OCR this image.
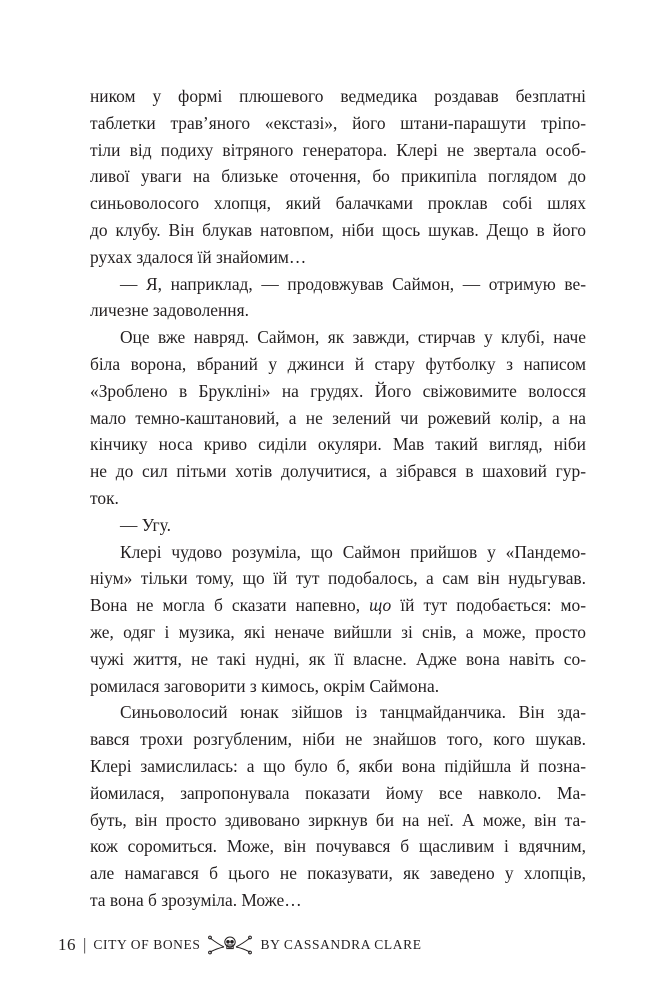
ником у формі плюшевого ведмедика роздавав безплатні
таблетки трав’яного «екстазі», його штани-парашути тріпо-
тіли від подиху вітряного генератора. Клері не звертала особ-
ливої уваги на близьке оточення, бо прикипіла поглядом до
синьоволосого хлопця, який балачками проклав собі шлях
до клубу. Він блукав натовпом, ніби щось шукав. Дещо в його
рухах здалося їй знайомим…
— Я, наприклад, — продовжував Саймон, — отримую ве-
личезне задоволення.
Оце вже навряд. Саймон, як завжди, стирчав у клубі, наче
біла ворона, вбраний у джинси й стару футболку з написом
«Зроблено в Брукліні» на грудях. Його свіжовимите волосся
мало темно-каштановий, а не зелений чи рожевий колір, а на
кінчику носа криво сиділи окуляри. Мав такий вигляд, ніби
не до сил пітьми хотів долучитися, а зібрався в шаховий гур-
ток.
— Угу.
Клері чудово розуміла, що Саймон прийшов у «Пандемо-
ніум» тільки тому, що їй тут подобалось, а сам він нудьгував.
Вона не могла б сказати напевно, що їй тут подобається: мо-
же, одяг і музика, які неначе вийшли зі снів, а може, просто
чужі життя, не такі нудні, як її власне. Адже вона навіть со-
ромилася заговорити з кимось, окрім Саймона.
Синьоволосий юнак зійшов із танцмайданчика. Він зда-
вався трохи розгубленим, ніби не знайшов того, кого шукав.
Клері замислилась: а що було б, якби вона підійшла й позна-
йомилася, запропонувала показати йому все навколо. Ма-
буть, він просто здивовано зиркнув би на неї. А може, він та-
кож соромиться. Може, він почувався б щасливим і вдячним,
але намагався б цього не показувати, як заведено у хлопців,
та вона б зрозуміла. Може…
16 | CITY OF BONES	BY CASSANDRA CLARE
